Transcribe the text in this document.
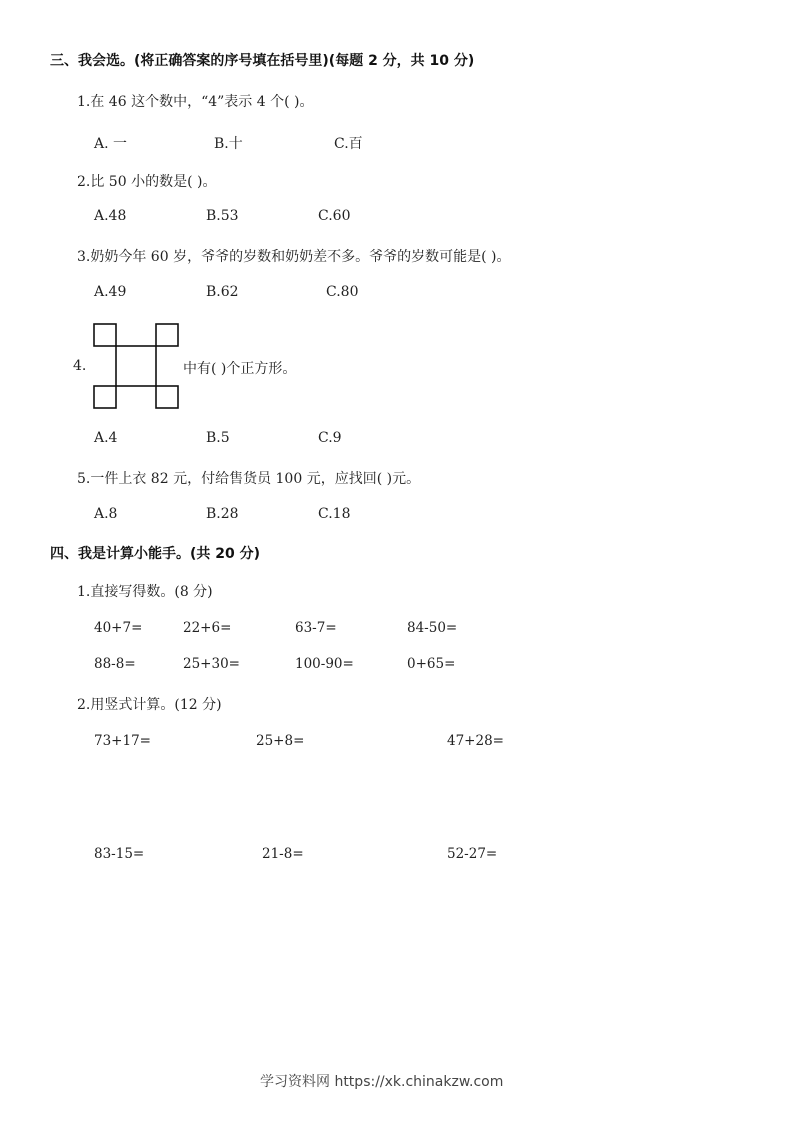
三、我会选。(将正确答案的序号填在括号里)(每题 2 分，共 10 分)
1.在 46 这个数中，“4”表示 4 个( )。
A. 一	B.十	C.百
2.比 50 小的数是( )。
A.48	B.53	C.60
3.奶奶今年 60 岁，爷爷的岁数和奶奶差不多。爷爷的岁数可能是( )。
A.49	B.62	C.80
4.	中有( )个正方形。
A.4	B.5	C.9
5.一件上衣 82 元，付给售货员 100 元，应找回( )元。
A.8	B.28	C.18
四、我是计算小能手。(共 20 分)
1.直接写得数。(8 分)
40+7=	22+6=	63-7=	84-50=
88-8=	25+30=	100-90=	0+65=
2.用竖式计算。(12 分)
73+17=	25+8=	47+28=
83-15=	21-8=	52-27=
学习资料网 https://xk.chinakzw.com
